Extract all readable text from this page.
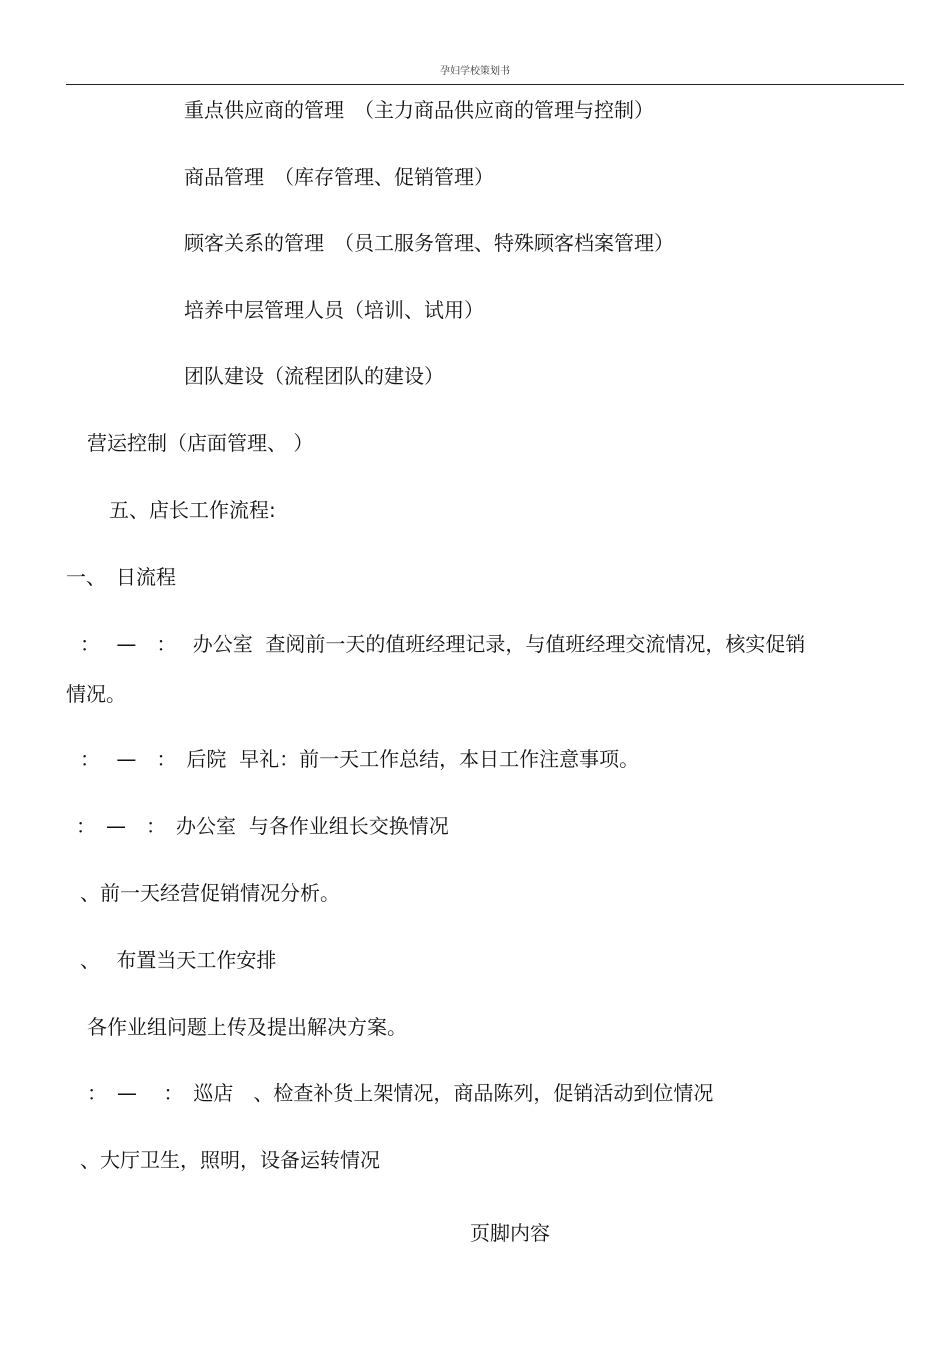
孕妇学校策划书
重点供应商的管理　（主力商品供应商的管理与控制）
商品管理　（库存管理、促销管理）
顾客关系的管理　（员工服务管理、特殊顾客档案管理）
培养中层管理人员（培训、试用）
团队建设（流程团队的建设）
营运控制（店面管理、 ）
五、店长工作流程:
一、　日流程
：　 —　：　 办公室  查阅前一天的值班经理记录，与值班经理交流情况，核实促销
情况。
：　 —　：　后院  早礼：前一天工作总结，本日工作注意事项。
：　—　：　办公室  与各作业组长交换情况
、前一天经营促销情况分析。
、　 布置当天工作安排
各作业组问题上传及提出解决方案。
：　—　 ：　巡店　、检查补货上架情况，商品陈列，促销活动到位情况
、大厅卫生，照明，设备运转情况
页脚内容
